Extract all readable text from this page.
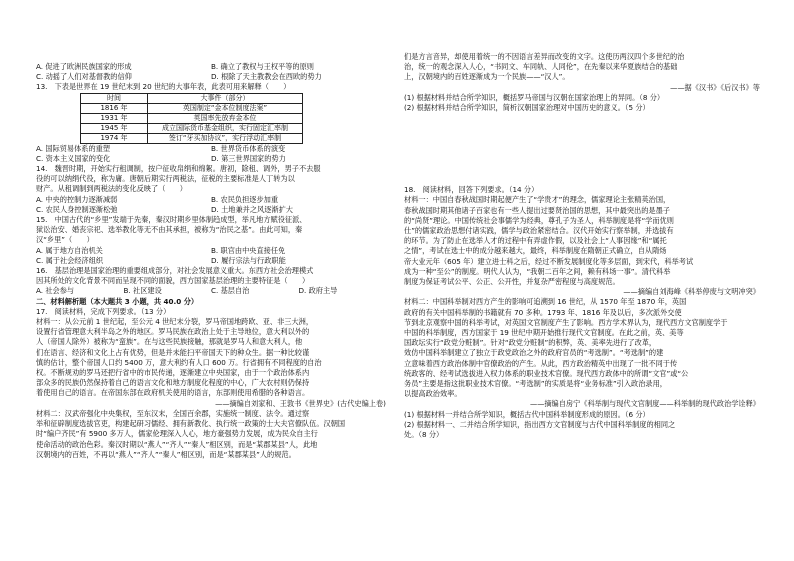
A. 促进了欧洲民族国家的形成	B. 确立了教权与王权平等的原则
C. 动摇了人们对基督教的信仰	D. 根除了天主教教会在西欧的势力
13.　下表是世界在 19 世纪末到 20 世纪的大事年表，此表可用来解释（　　）
时间	大事件（部分）
1816 年	英国制定“金本位制度法案”
1931 年	英国率先放弃金本位
1945 年	成立国际货币基金组织，实行固定汇率制
1974 年	签订“牙买加协议”，实行浮动汇率制
A. 国际贸易体系的重塑	B. 世界货币体系的演变
C. 资本主义国家的变化	D. 第三世界国家的势力
14.　魏晋时期，开始实行租调制，按户征收帛绢和绵絮。唐初，除租、调外，男子不去服
役的可以纳绢代役，称为庸。唐朝后期实行两税法，征税的主要标准是人丁转为以
财产。从租调制到两税法的变化反映了（　　）
A. 中央的控制力逐渐减弱	B. 农民负担逐步加重
C. 农民人身控制逐渐松弛	D. 土地兼并之风逐渐扩大
15.　中国古代的“乡里”发端于先秦，秦汉时期乡里体制趋成型，举凡地方赋役征派、
狱讼治安、婚丧宗祀、选举教化等无不由其承担，被称为“治民之基”。由此可知，秦
汉“乡里”（　　）
A. 属于地方自治机关	B. 职官由中央直接任免
C. 属于社会经济组织	D. 履行宗法与行政职能
16.　基层治理是国家治理的重要组成部分，对社会发展意义重大。东西方社会治理模式
因其所处的文化背景不同而呈现不同的面貌，西方国家基层治理的主要特征是（　　）
A. 社会参与	B. 社区建设	C. 基层自治	D. 政府主导
二、材料解析题（本大题共 3 小题，共 40.0 分）
17.　阅读材料，完成下列要求。（13 分）
材料一：从公元前 1 世纪起，至公元 4 世纪末分裂，罗马帝国地跨欧、亚、非三大洲，
设置行省管理意大利半岛之外的地区。罗马民族在政治上处于主导地位，意大利以外的
人（帝国人除外）被称为“蛮族”。在与这些民族接触，那就是罗马人和意大利人，他
们在语言、经济和文化上占有优势，但是并未能扫平帝国天下的种众生。据一种比较谨
慎的估计，整个帝国人口约 5400 万，意大利约有人口 600 万。行省拥有不同程度的自治
权。不断规劝的罗马还把行省中的市民传递，逐渐建立中央国家，由于一个政治体系内
部众多的民族仍然保持着自己的语言文化和地方制度化程度的中心，广大农村则仍保持
着使用自己的语言。在帝国东部在政府机关使用的语言，东部则使用希腊的各种语言。
——摘编自刘家和、王敦书《世界史》(古代史编上卷)
材料二：汉武帝强化中央集权，至东汉末，全国百余郡，实施统一制度、法令。通过察
举和征辟制度选拔官吏，构建起研习儒经、拥有新教化、执行统一政策的士大夫官僚队伍。汉朝国
时“编户齐民”有 5900 多万人，儒家伦理深入人心，地方豪强势力发展，成为民众自主行
使命活动的政治色彩。秦汉时期以“燕人”“齐人”“秦人”相区别，而是“某郡某县”人，此地
汉朝境内的百姓，不再以“燕人”“齐人”“秦人”相区别，而是“某郡某县”人的规范。
们是方言音异，却使用着统一的不因语言差异而改变的文字。这使历两汉四个多世纪的治
治，统一的观念深入人心，“书同文、车同轨、人同伦”，在先秦以来华夏族结合的基础
上，汉朝境内的百姓逐渐成为一个民族——“汉人”。
——据《汉书》《后汉书》等
(1) 根据材料并结合所学知识，概括罗马帝国与汉朝在国家治理上的异同。（8 分）
(2) 根据材料并结合所学知识，简析汉朝国家治理对中国历史的意义。（5 分）
18.　阅读材料，回答下列要求。（14 分）
材料一：中国自春秋战国时期起便产生了“学贵才”的理念，儒家理论主张精英治国，
春秋战国时期其他诸子百家也有一些人提出过要贤治国的思想，其中最突出的是墨子
的“尚贤”理论。中国传统社会事儒学为经典，尊孔子为圣人，科举制度是将“学而优则
仕”的儒家政治思想付诸实践，儒学与政治紧密结合。汉代开始实行察举制，并选拔有
的环节。为了防止在选举人才的过程中有弄虚作假，以及社会上“人事因缘”和“属托
之情”，考试在选士中的成分越来越大，最终，科举制度在隋朝正式确立，自从隋炀
帝大业元年（605 年）建立进士科之后，经过不断发展制度化等多层面，到宋代，科举考试
成为一种“至公”的制度。明代人认为，“我朝二百年之间，赖有科场一事”。清代科举
制度为保证考试公平、公正、公开性，并复杂严密程度与高度规范。
——摘编自刘海峰《科举停废与文明冲突》
材料二：中国科举制对西方产生的影响可追溯到 16 世纪，从 1570 年至 1870 年，英国
政府的有关中国科举制的书籍就有 70 多种。1793 年、1816 年及以后，多次派外交使
节到北京观察中国的科举考试，对英国文官制度产生了影响。西方学术界认为，现代西方文官制度学于
中国的科举制度，西方国家于 19 世纪中期开始推行现代文官制度。在此之前，英、美等
国政坛实行“政党分赃制”。针对“政党分赃制”的积弊，英、美率先进行了改革，
效仿中国科举制建立了独立于政党政治之外的政府官员的“考选制”。“考选制”的建
立意味着西方政治体制中官僚政治的产生。从此，西方政治精英中出现了一批不同于传
统政客的、经考试选拔进入权力体系的职业技术官僚。现代西方政体中的所谓“文官”或“公
务员”主要是指这批职业技术官僚。“考选制”的实质是将“业务标准”引入政治录用，
以提高政治效率。
——摘编自房宁《科举制与现代文官制度——科举制的现代政治学诠释》
(1) 根据材料一并结合所学知识，概括古代中国科举制度形成的原因。（6 分）
(2) 根据材料一、二并结合所学知识，指出西方文官制度与古代中国科举制度的相同之
处。（8 分）
